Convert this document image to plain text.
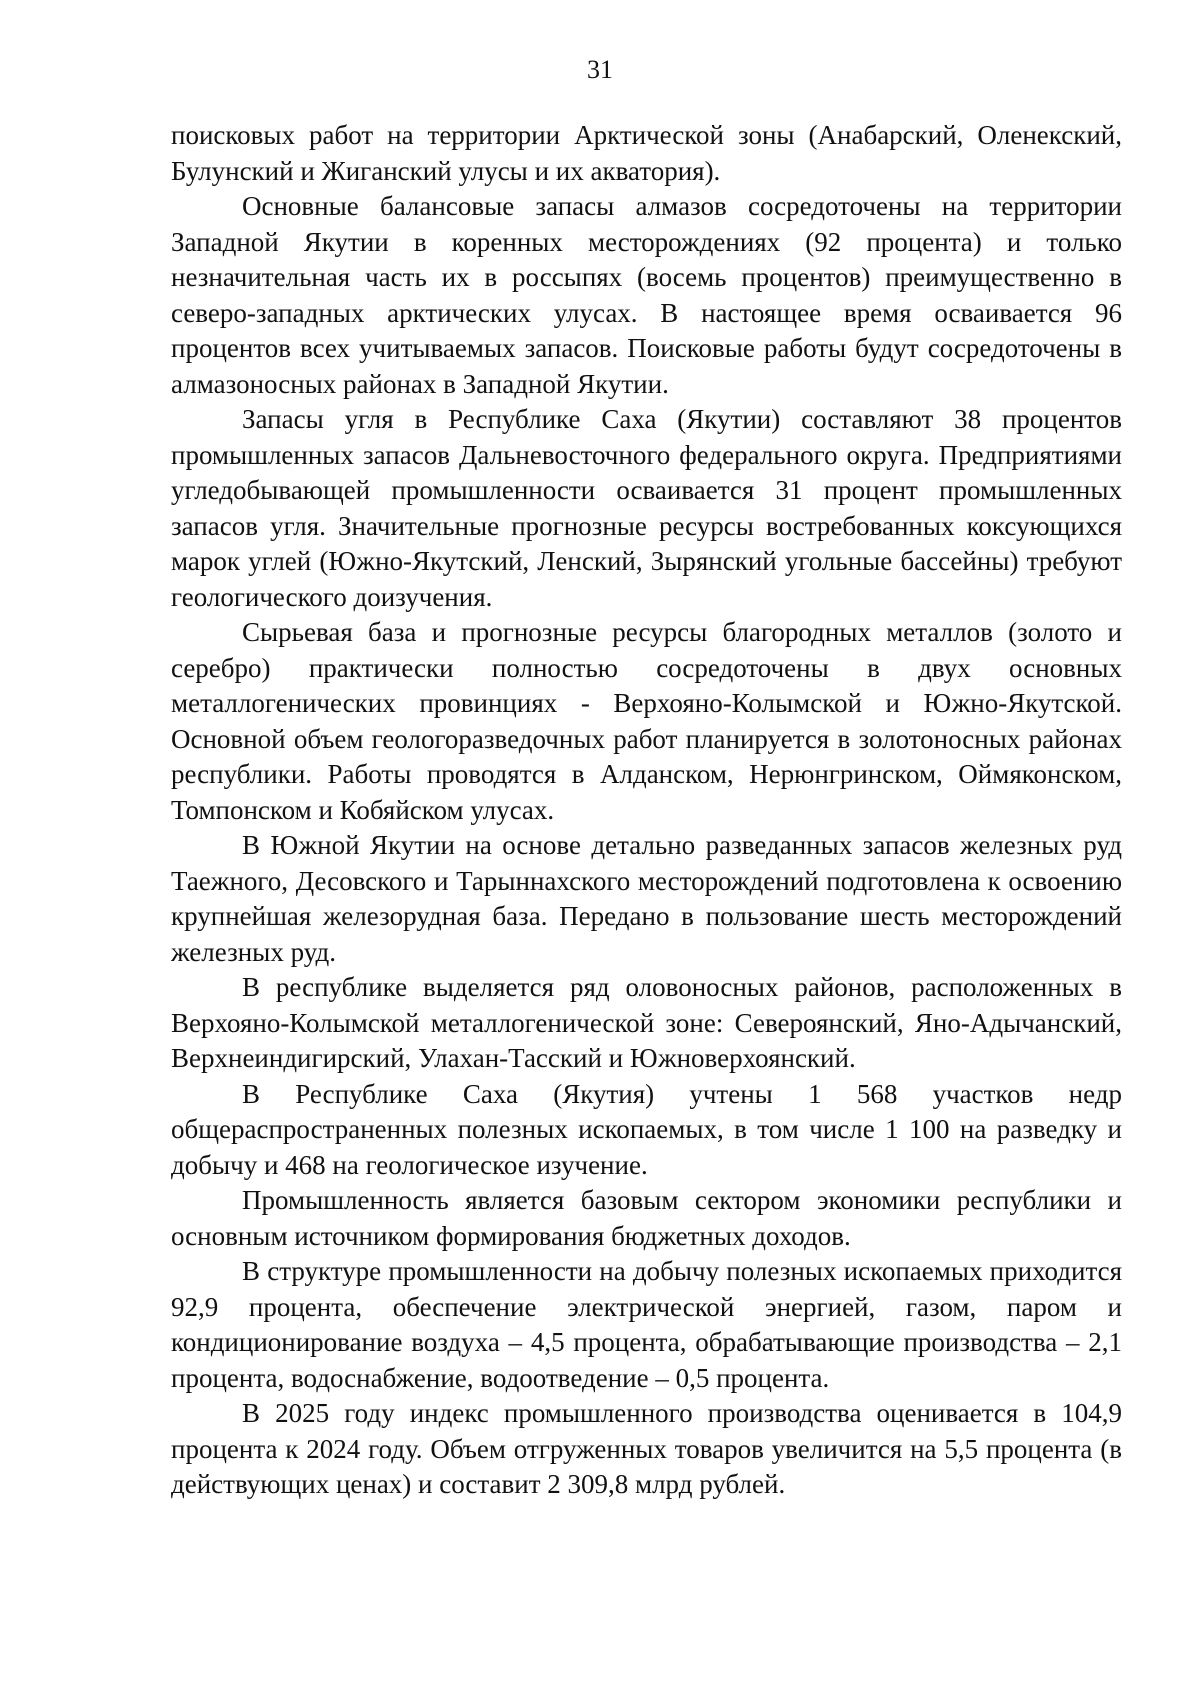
31

поисковых работ на территории Арктической зоны (Анабарский, Оленекский, Булунский и Жиганский улусы и их акватория).

Основные балансовые запасы алмазов сосредоточены на территории Западной Якутии в коренных месторождениях (92 процента) и только незначительная часть их в россыпях (восемь процентов) преимущественно в северо-западных арктических улусах. В настоящее время осваивается 96 процентов всех учитываемых запасов. Поисковые работы будут сосредоточены в алмазоносных районах в Западной Якутии.

Запасы угля в Республике Саха (Якутии) составляют 38 процентов промышленных запасов Дальневосточного федерального округа. Предприятиями угледобывающей промышленности осваивается 31 процент промышленных запасов угля. Значительные прогнозные ресурсы востребованных коксующихся марок углей (Южно-Якутский, Ленский, Зырянский угольные бассейны) требуют геологического доизучения.

Сырьевая база и прогнозные ресурсы благородных металлов (золото и серебро) практически полностью сосредоточены в двух основных металлогенических провинциях - Верхояно-Колымской и Южно-Якутской. Основной объем геологоразведочных работ планируется в золотоносных районах республики. Работы проводятся в Алданском, Нерюнгринском, Оймяконском, Томпонском и Кобяйском улусах.

В Южной Якутии на основе детально разведанных запасов железных руд Таежного, Десовского и Тарыннахского месторождений подготовлена к освоению крупнейшая железорудная база. Передано в пользование шесть месторождений железных руд.

В республике выделяется ряд оловоносных районов, расположенных в Верхояно-Колымской металлогенической зоне: Североянский, Яно-Адычанский, Верхнеиндигирский, Улахан-Тасский и Южноверхоянский.

В Республике Саха (Якутия) учтены 1 568 участков недр общераспространенных полезных ископаемых, в том числе 1 100 на разведку и добычу и 468 на геологическое изучение.

Промышленность является базовым сектором экономики республики и основным источником формирования бюджетных доходов.

В структуре промышленности на добычу полезных ископаемых приходится 92,9 процента, обеспечение электрической энергией, газом, паром и кондиционирование воздуха – 4,5 процента, обрабатывающие производства – 2,1 процента, водоснабжение, водоотведение – 0,5 процента.

В 2025 году индекс промышленного производства оценивается в 104,9 процента к 2024 году. Объем отгруженных товаров увеличится на 5,5 процента (в действующих ценах) и составит 2 309,8 млрд рублей.
